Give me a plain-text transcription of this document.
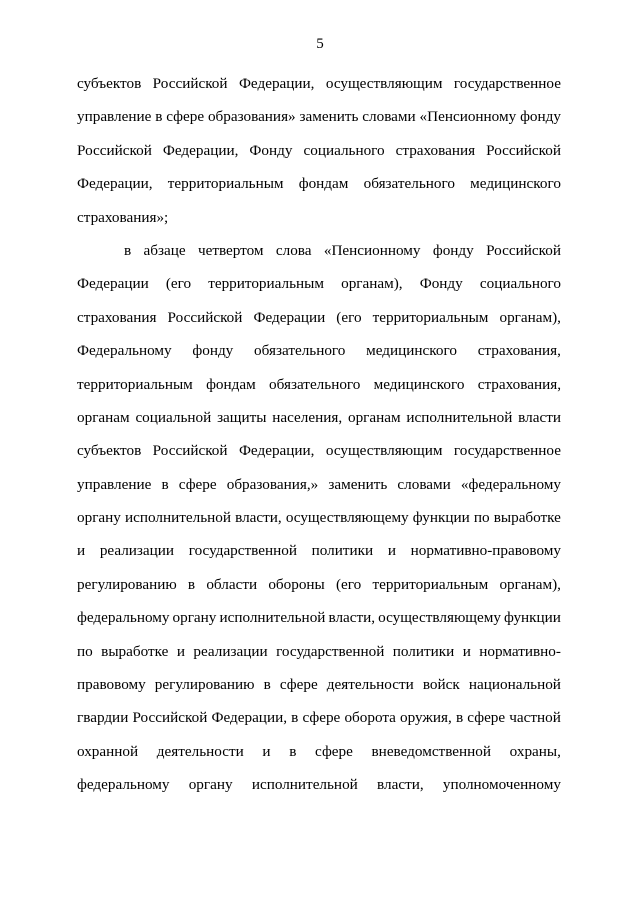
5
субъектов Российской Федерации, осуществляющим государственное
управление в сфере образования» заменить словами «Пенсионному фонду
Российской Федерации, Фонду социального страхования Российской
Федерации, территориальным фондам обязательного медицинского
страхования»;
в абзаце четвертом слова «Пенсионному фонду Российской
Федерации (его территориальным органам), Фонду социального
страхования Российской Федерации (его территориальным органам),
Федеральному фонду обязательного медицинского страхования,
территориальным фондам обязательного медицинского страхования,
органам социальной защиты населения, органам исполнительной власти
субъектов Российской Федерации, осуществляющим государственное
управление в сфере образования,» заменить словами «федеральному
органу исполнительной власти, осуществляющему функции по выработке
и реализации государственной политики и нормативно-правовому
регулированию в области обороны (его территориальным органам),
федеральному органу исполнительной власти, осуществляющему функции
по выработке и реализации государственной политики и нормативно-
правовому регулированию в сфере деятельности войск национальной
гвардии Российской Федерации, в сфере оборота оружия, в сфере частной
охранной деятельности и в сфере вневедомственной охраны,
федеральному органу исполнительной власти, уполномоченному
